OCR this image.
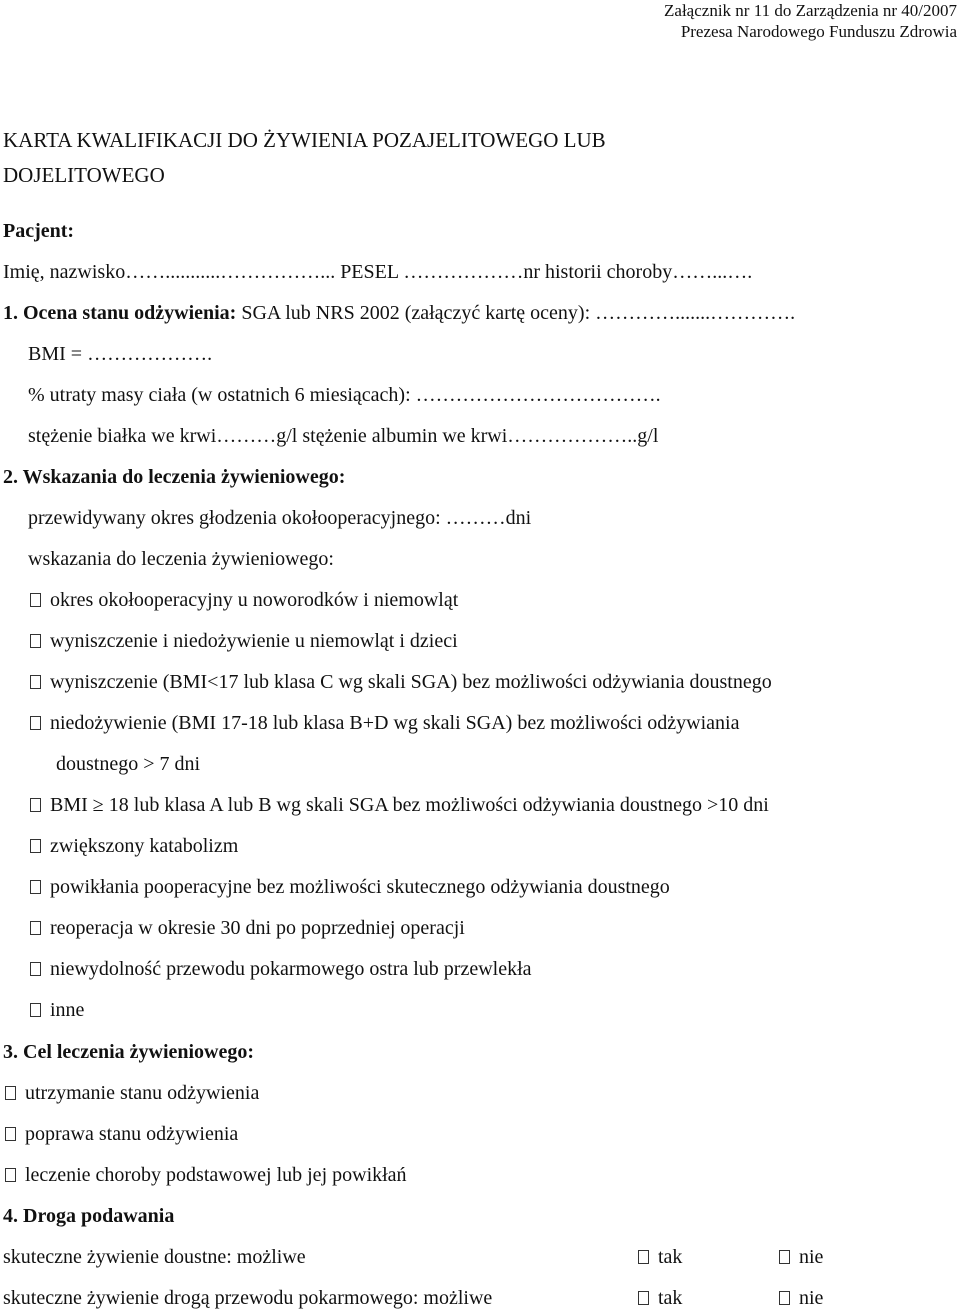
Załącznik nr 11 do Zarządzenia nr 40/2007
Prezesa Narodowego Funduszu Zdrowia
KARTA KWALIFIKACJI DO ŻYWIENIA POZAJELITOWEGO LUB
DOJELITOWEGO
Pacjent:
Imię, nazwisko……...........……………... PESEL ………………nr historii choroby……...….
1. Ocena stanu odżywienia: SGA lub NRS 2002 (załączyć kartę oceny): ………….......………….
BMI = ……………….
% utraty masy ciała (w ostatnich 6 miesiącach): ……………………………….
stężenie białka we krwi………g/l stężenie albumin we krwi………………..g/l
2. Wskazania do leczenia żywieniowego:
przewidywany okres głodzenia okołooperacyjnego: ………dni
wskazania do leczenia żywieniowego:
okres okołooperacyjny u noworodków i niemowląt
wyniszczenie i niedożywienie u niemowląt i dzieci
wyniszczenie (BMI<17 lub klasa C wg skali SGA) bez możliwości odżywiania doustnego
niedożywienie (BMI 17-18 lub klasa B+D wg skali SGA) bez możliwości odżywiania
doustnego > 7 dni
BMI ≥ 18 lub klasa A lub B wg skali SGA bez możliwości odżywiania doustnego >10 dni
zwiększony katabolizm
powikłania pooperacyjne bez możliwości skutecznego odżywiania doustnego
reoperacja w okresie 30 dni po poprzedniej operacji
niewydolność przewodu pokarmowego ostra lub przewlekła
inne
3. Cel leczenia żywieniowego:
utrzymanie stanu odżywienia
poprawa stanu odżywienia
leczenie choroby podstawowej lub jej powikłań
4. Droga podawania
skuteczne żywienie doustne: możliwe	tak	nie
skuteczne żywienie drogą przewodu pokarmowego: możliwe	tak	nie
